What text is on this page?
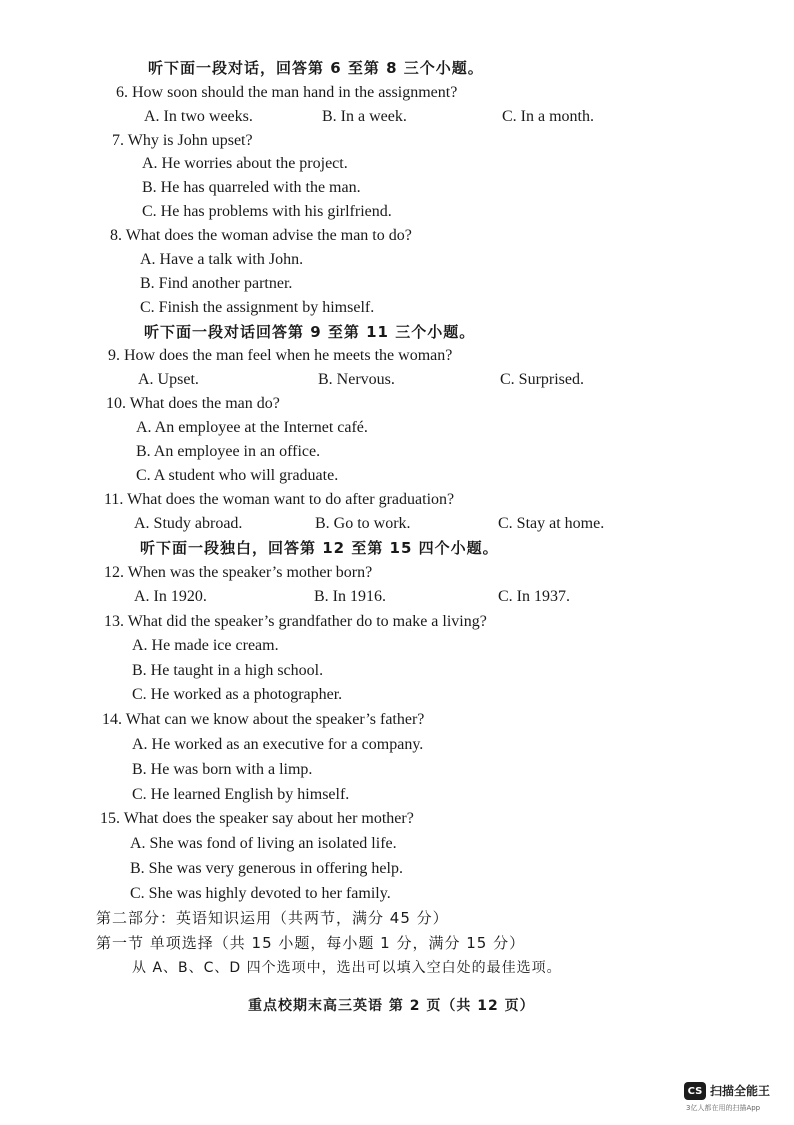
听下面一段对话，回答第 6 至第 8 三个小题。
6. How soon should the man hand in the assignment?
A. In two weeks.	B. In a week.	C. In a month.
7. Why is John upset?
A. He worries about the project.
B. He has quarreled with the man.
C. He has problems with his girlfriend.
8. What does the woman advise the man to do?
A. Have a talk with John.
B. Find another partner.
C. Finish the assignment by himself.
听下面一段对话回答第 9 至第 11 三个小题。
9. How does the man feel when he meets the woman?
A. Upset.	B. Nervous.	C. Surprised.
10. What does the man do?
A. An employee at the Internet café.
B. An employee in an office.
C. A student who will graduate.
11. What does the woman want to do after graduation?
A. Study abroad.	B. Go to work.	C. Stay at home.
听下面一段独白，回答第 12 至第 15 四个小题。
12. When was the speaker’s mother born?
A. In 1920.	B. In 1916.	C. In 1937.
13. What did the speaker’s grandfather do to make a living?
A. He made ice cream.
B. He taught in a high school.
C. He worked as a photographer.
14. What can we know about the speaker’s father?
A. He worked as an executive for a company.
B. He was born with a limp.
C. He learned English by himself.
15. What does the speaker say about her mother?
A. She was fond of living an isolated life.
B. She was very generous in offering help.
C. She was highly devoted to her family.
第二部分：英语知识运用（共两节，满分 45 分）
第一节 单项选择（共 15 小题，每小题 1 分，满分 15 分）
从 A、B、C、D 四个选项中，选出可以填入空白处的最佳选项。
重点校期末高三英语 第 2 页（共 12 页）
CS 扫描全能王
3亿人都在用的扫描App
